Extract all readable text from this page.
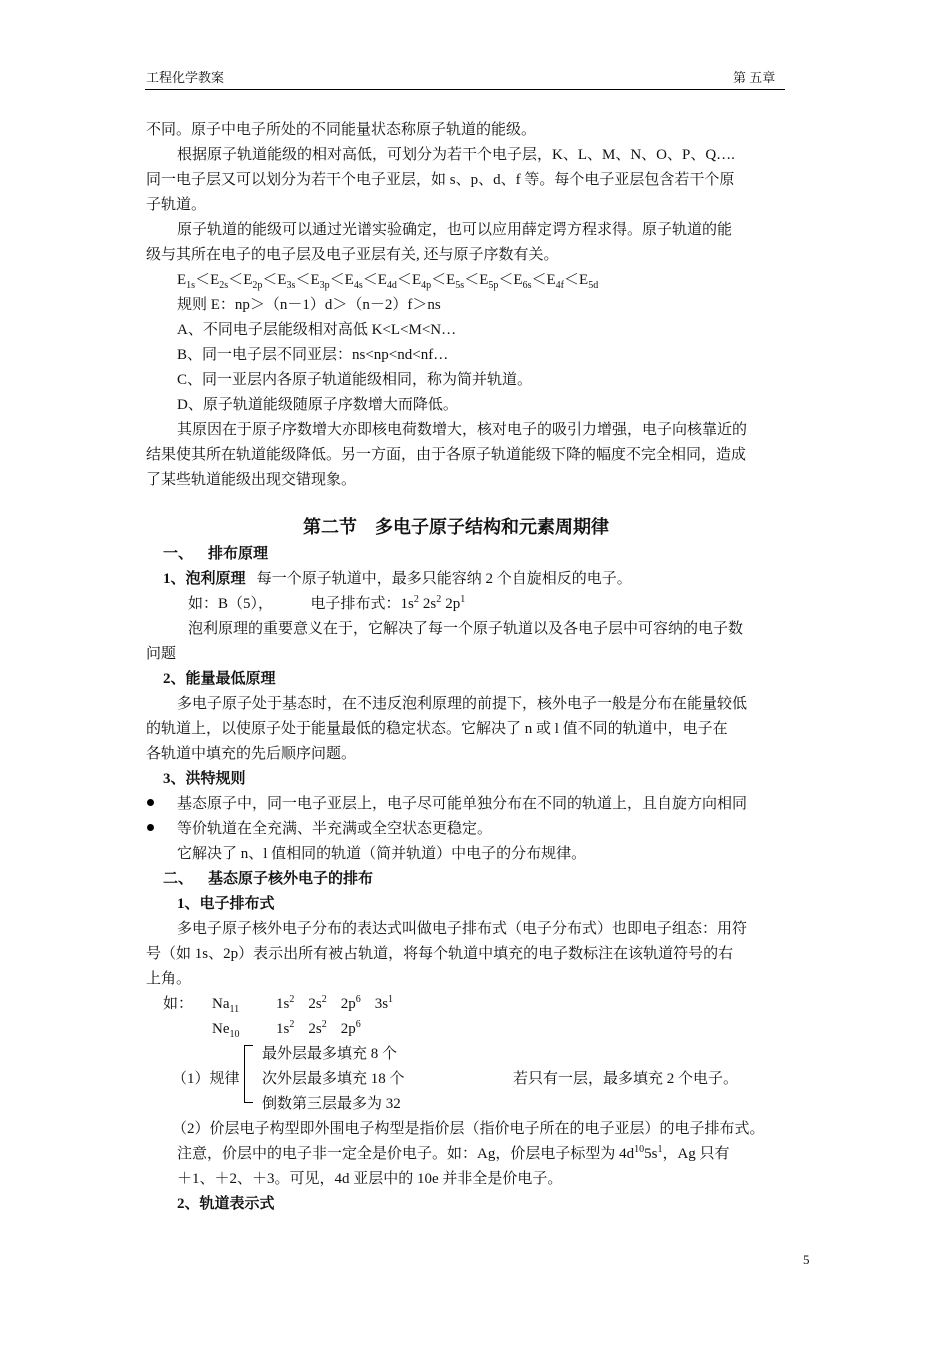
工程化学教案	第 五章
不同。原子中电子所处的不同能量状态称原子轨道的能级。
根据原子轨道能级的相对高低，可划分为若干个电子层，K、L、M、N、O、P、Q….
同一电子层又可以划分为若干个电子亚层，如 s、p、d、f 等。每个电子亚层包含若干个原
子轨道。
原子轨道的能级可以通过光谱实验确定，也可以应用薛定谔方程求得。原子轨道的能
级与其所在电子的电子层及电子亚层有关, 还与原子序数有关。
$E_{1s}<E_{2s}<E_{2p}<E_{3s}<E_{3p}<E_{4s}<E_{4d}<E_{4p}<E_{5s}<E_{5p}<E_{6s}<E_{4f}<E_{5d}$
规则 E：np＞（n－1）d＞（n－2）f＞ns
A、不同电子层能级相对高低 K<L<M<N…
B、同一电子层不同亚层：ns<np<nd<nf…
C、同一亚层内各原子轨道能级相同，称为简并轨道。
D、原子轨道能级随原子序数增大而降低。
其原因在于原子序数增大亦即核电荷数增大，核对电子的吸引力增强，电子向核靠近的
结果使其所在轨道能级降低。另一方面，由于各原子轨道能级下降的幅度不完全相同，造成
了某些轨道能级出现交错现象。
第二节    多电子原子结构和元素周期律
一、    排布原理
1、泡利原理 每一个原子轨道中，最多只能容纳 2 个自旋相反的电子。
如：B（5），          电子排布式：$1s^2$ $2s^2$ $2p^1$
泡利原理的重要意义在于，它解决了每一个原子轨道以及各电子层中可容纳的电子数
问题
2、能量最低原理
多电子原子处于基态时，在不违反泡利原理的前提下，核外电子一般是分布在能量较低
的轨道上，以使原子处于能量最低的稳定状态。它解决了 n 或 l 值不同的轨道中，电子在
各轨道中填充的先后顺序问题。
3、洪特规则
基态原子中，同一电子亚层上，电子尽可能单独分布在不同的轨道上，且自旋方向相同
等价轨道在全充满、半充满或全空状态更稳定。
它解决了 n、l 值相同的轨道（简并轨道）中电子的分布规律。
二、    基态原子核外电子的排布
1、电子排布式
多电子原子核外电子分布的表达式叫做电子排布式（电子分布式）也即电子组态：用符
号（如 1s、2p）表示出所有被占轨道，将每个轨道中填充的电子数标注在该轨道符号的右
上角。
如： $Na_{11}$ $1s^2$ $2s^2$ $2p^6$ $3s^1$
$Ne_{10}$ $1s^2$ $2s^2$ $2p^6$
（1）规律
最外层最多填充 8 个
次外层最多填充 18 个
倒数第三层最多为 32
若只有一层，最多填充 2 个电子。
（2）价层电子构型即外围电子构型是指价层（指价电子所在的电子亚层）的电子排布式。
注意，价层中的电子非一定全是价电子。如：Ag，价层电子标型为 $4d^{10}5s^1$，Ag 只有
＋1、＋2、＋3。可见，4d 亚层中的 10e 并非全是价电子。
2、轨道表示式
5
